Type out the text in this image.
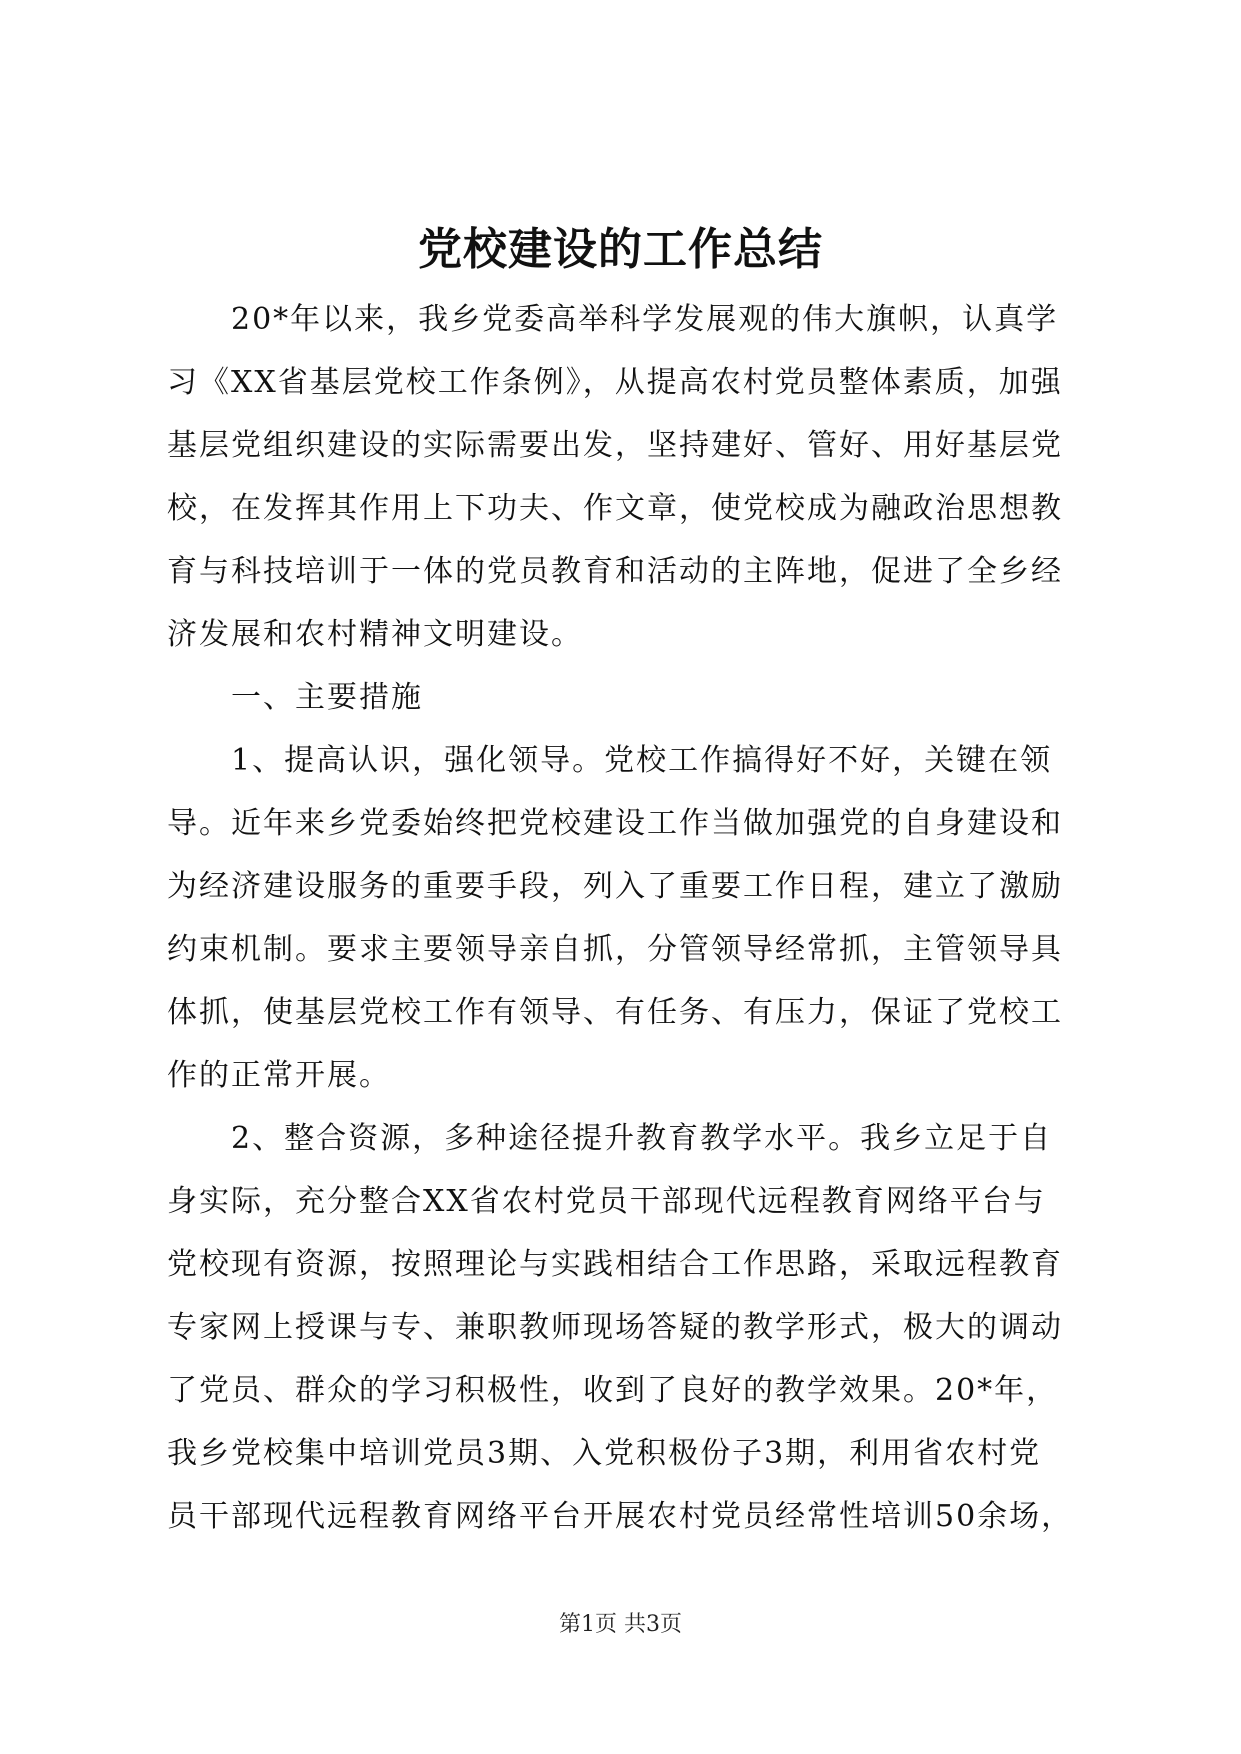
党校建设的工作总结
20*年以来，我乡党委高举科学发展观的伟大旗帜，认真学
习《XX省基层党校工作条例》，从提高农村党员整体素质，加强
基层党组织建设的实际需要出发，坚持建好、管好、用好基层党
校，在发挥其作用上下功夫、作文章，使党校成为融政治思想教
育与科技培训于一体的党员教育和活动的主阵地，促进了全乡经
济发展和农村精神文明建设。
一、主要措施
1、提高认识，强化领导。党校工作搞得好不好，关键在领
导。近年来乡党委始终把党校建设工作当做加强党的自身建设和
为经济建设服务的重要手段，列入了重要工作日程，建立了激励
约束机制。要求主要领导亲自抓，分管领导经常抓，主管领导具
体抓，使基层党校工作有领导、有任务、有压力，保证了党校工
作的正常开展。
2、整合资源，多种途径提升教育教学水平。我乡立足于自
身实际，充分整合XX省农村党员干部现代远程教育网络平台与
党校现有资源，按照理论与实践相结合工作思路，采取远程教育
专家网上授课与专、兼职教师现场答疑的教学形式，极大的调动
了党员、群众的学习积极性，收到了良好的教学效果。20*年，
我乡党校集中培训党员3期、入党积极份子3期，利用省农村党
员干部现代远程教育网络平台开展农村党员经常性培训50余场，
第1页 共3页
